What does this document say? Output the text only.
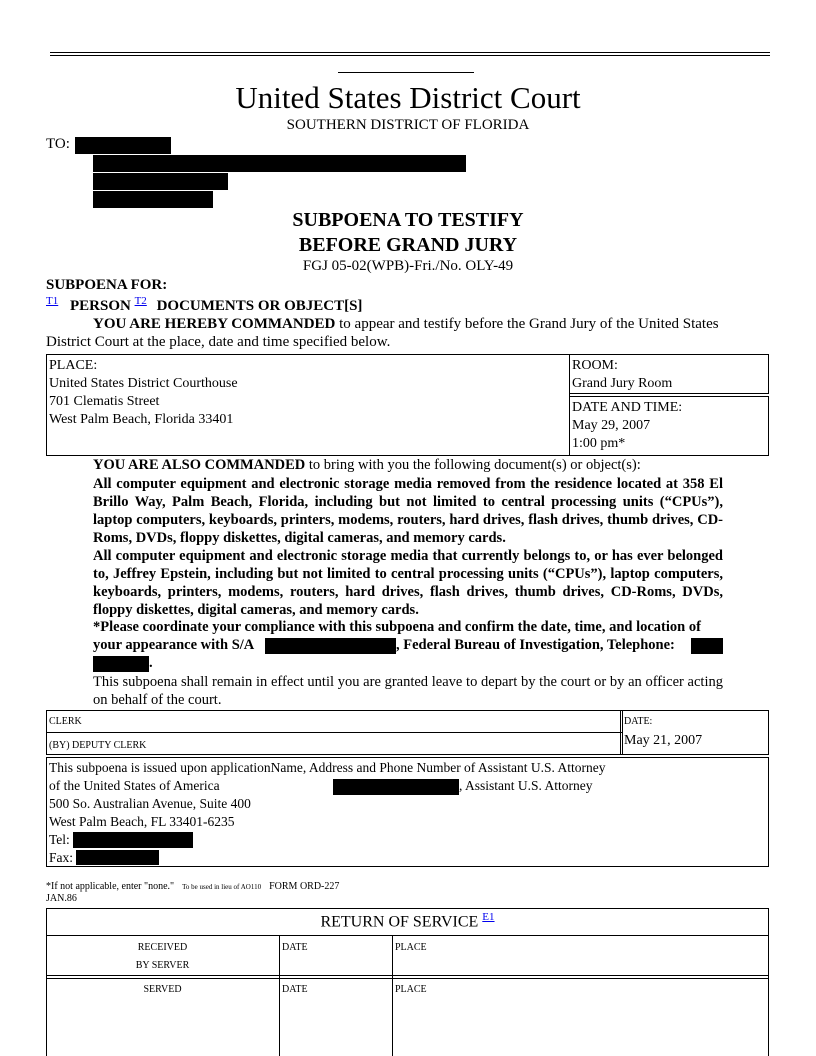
United States District Court
SOUTHERN DISTRICT OF FLORIDA
TO:
SUBPOENA TO TESTIFY
BEFORE GRAND JURY
FGJ 05-02(WPB)-Fri./No. OLY-49
SUBPOENA FOR:
$^{T1}$ PERSON $^{T2}$ DOCUMENTS OR OBJECT[S]
YOU ARE HEREBY COMMANDED to appear and testify before the Grand Jury of the United States
District Court at the place, date and time specified below.
PLACE:
United States District Courthouse
701 Clematis Street
West Palm Beach, Florida 33401
ROOM:
Grand Jury Room
DATE AND TIME:
May 29, 2007
1:00 pm*
YOU ARE ALSO COMMANDED to bring with you the following document(s) or object(s):
All computer equipment and electronic storage media removed from the residence located at 358 El Brillo Way, Palm Beach, Florida, including but not limited to central processing units (“CPUs”), laptop computers, keyboards, printers, modems, routers, hard drives, flash drives, thumb drives, CD-Roms, DVDs, floppy diskettes, digital cameras, and memory cards.
All computer equipment and electronic storage media that currently belongs to, or has ever belonged to, Jeffrey Epstein, including but not limited to central processing units (“CPUs”), laptop computers, keyboards, printers, modems, routers, hard drives, flash drives, thumb drives, CD-Roms, DVDs, floppy diskettes, digital cameras, and memory cards.
*Please coordinate your compliance with this subpoena and confirm the date, time, and location of
your appearance with S/A	, Federal Bureau of Investigation, Telephone:
.
This subpoena shall remain in effect until you are granted leave to depart by the court or by an officer acting on behalf of the court.
CLERK
(BY) DEPUTY CLERK
DATE:
May 21, 2007
This subpoena is issued upon applicationName, Address and Phone Number of Assistant U.S. Attorney
of the United States of America	, Assistant U.S. Attorney
500 So. Australian Avenue, Suite 400
West Palm Beach, FL 33401-6235
Tel:
Fax:
*If not applicable, enter "none." To be used in lieu of AO110 FORM ORD-227
JAN.86
RETURN OF SERVICE $^{E1}$
RECEIVED
BY SERVER
DATE	PLACE
SERVED	DATE	PLACE
